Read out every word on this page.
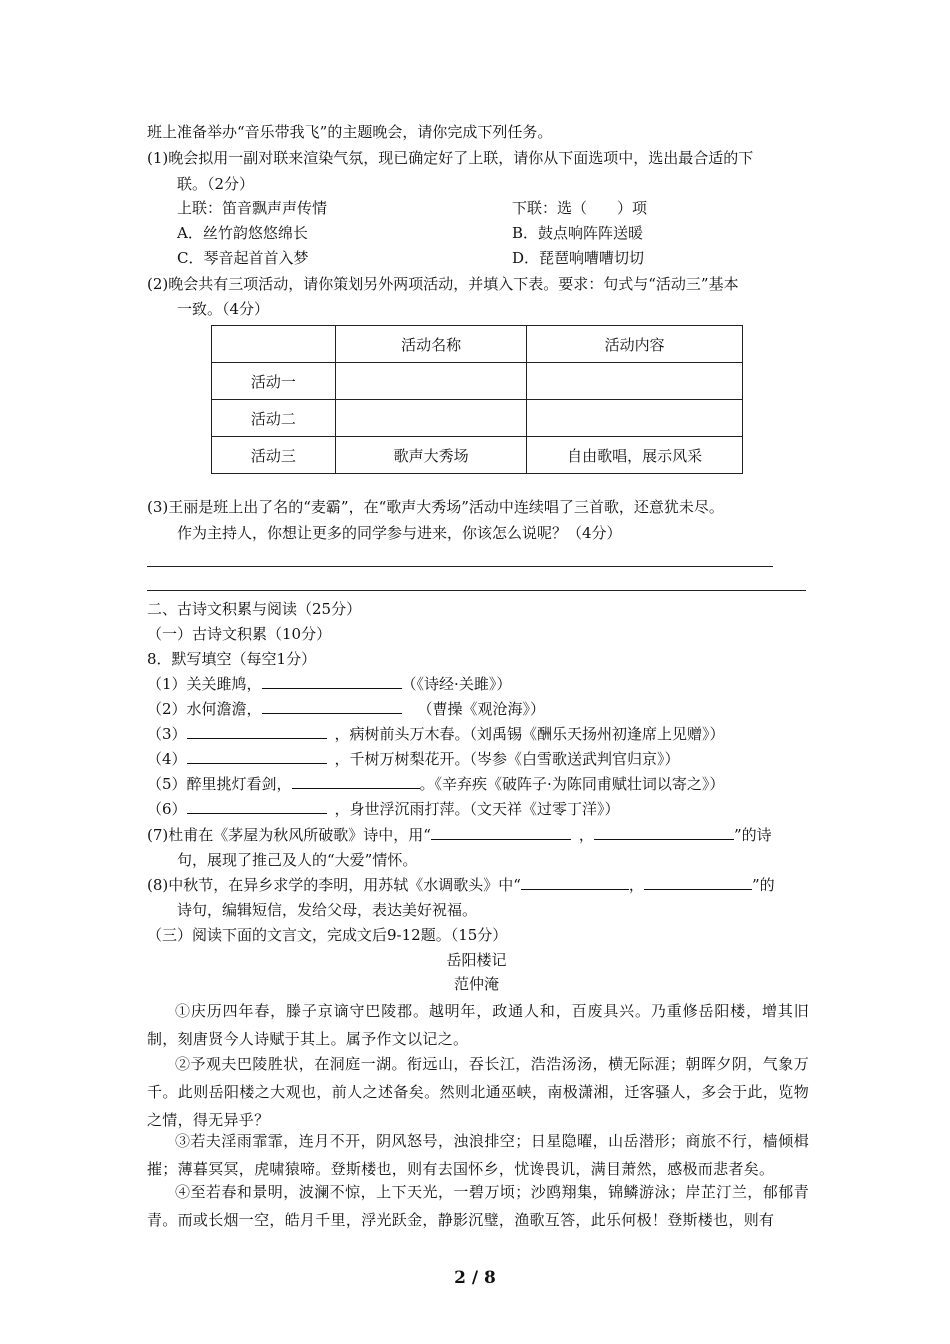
班上准备举办“音乐带我飞”的主题晚会，请你完成下列任务。
(1)晚会拟用一副对联来渲染气氛，现已确定好了上联，请你从下面选项中，选出最合适的下
联。（2分）
上联：笛音飘声声传情	下联：选（　　）项
A．丝竹韵悠悠绵长	B．鼓点响阵阵送暖
C．琴音起首首入梦	D．琵琶响嘈嘈切切
(2)晚会共有三项活动，请你策划另外两项活动，并填入下表。要求：句式与“活动三”基本
一致。（4分）
	活动名称	活动内容
活动一		
活动二		
活动三	歌声大秀场	自由歌唱，展示风采
(3)王丽是班上出了名的“麦霸”，在“歌声大秀场”活动中连续唱了三首歌，还意犹未尽。
作为主持人，你想让更多的同学参与进来，你该怎么说呢？（4分）
二、古诗文积累与阅读（25分）
（一）古诗文积累（10分）
8．默写填空（每空1分）
（1）关关雎鸠，	（《诗经·关雎》）
（2）水何澹澹，	（曹操《观沧海》）
（3）	，病树前头万木春。（刘禹锡《酬乐天扬州初逢席上见赠》）
（4）	，千树万树梨花开。（岑参《白雪歌送武判官归京》）
（5）醉里挑灯看剑，	。《辛弃疾《破阵子·为陈同甫赋壮词以寄之》）
（6）	，身世浮沉雨打萍。（文天祥《过零丁洋》）
(7)杜甫在《茅屋为秋风所破歌》诗中，用“	，	”的诗
句，展现了推己及人的“大爱”情怀。
(8)中秋节，在异乡求学的李明，用苏轼《水调歌头》中“	，	”的
诗句，编辑短信，发给父母，表达美好祝福。
（三）阅读下面的文言文，完成文后9-12题。（15分）
岳阳楼记
范仲淹
①庆历四年春，滕子京谪守巴陵郡。越明年，政通人和，百废具兴。乃重修岳阳楼，增其旧制，刻唐贤今人诗赋于其上。属予作文以记之。
②予观夫巴陵胜状，在洞庭一湖。衔远山，吞长江，浩浩汤汤，横无际涯；朝晖夕阴，气象万千。此则岳阳楼之大观也，前人之述备矣。然则北通巫峡，南极潇湘，迁客骚人，多会于此，览物之情，得无异乎？
③若夫淫雨霏霏，连月不开，阴风怒号，浊浪排空；日星隐曜，山岳潜形；商旅不行，樯倾楫摧；薄暮冥冥，虎啸猿啼。登斯楼也，则有去国怀乡，忧谗畏讥，满目萧然，感极而悲者矣。
④至若春和景明，波澜不惊，上下天光，一碧万顷；沙鸥翔集，锦鳞游泳；岸芷汀兰，郁郁青青。而或长烟一空，皓月千里，浮光跃金，静影沉璧，渔歌互答，此乐何极！登斯楼也，则有
2 / 8
